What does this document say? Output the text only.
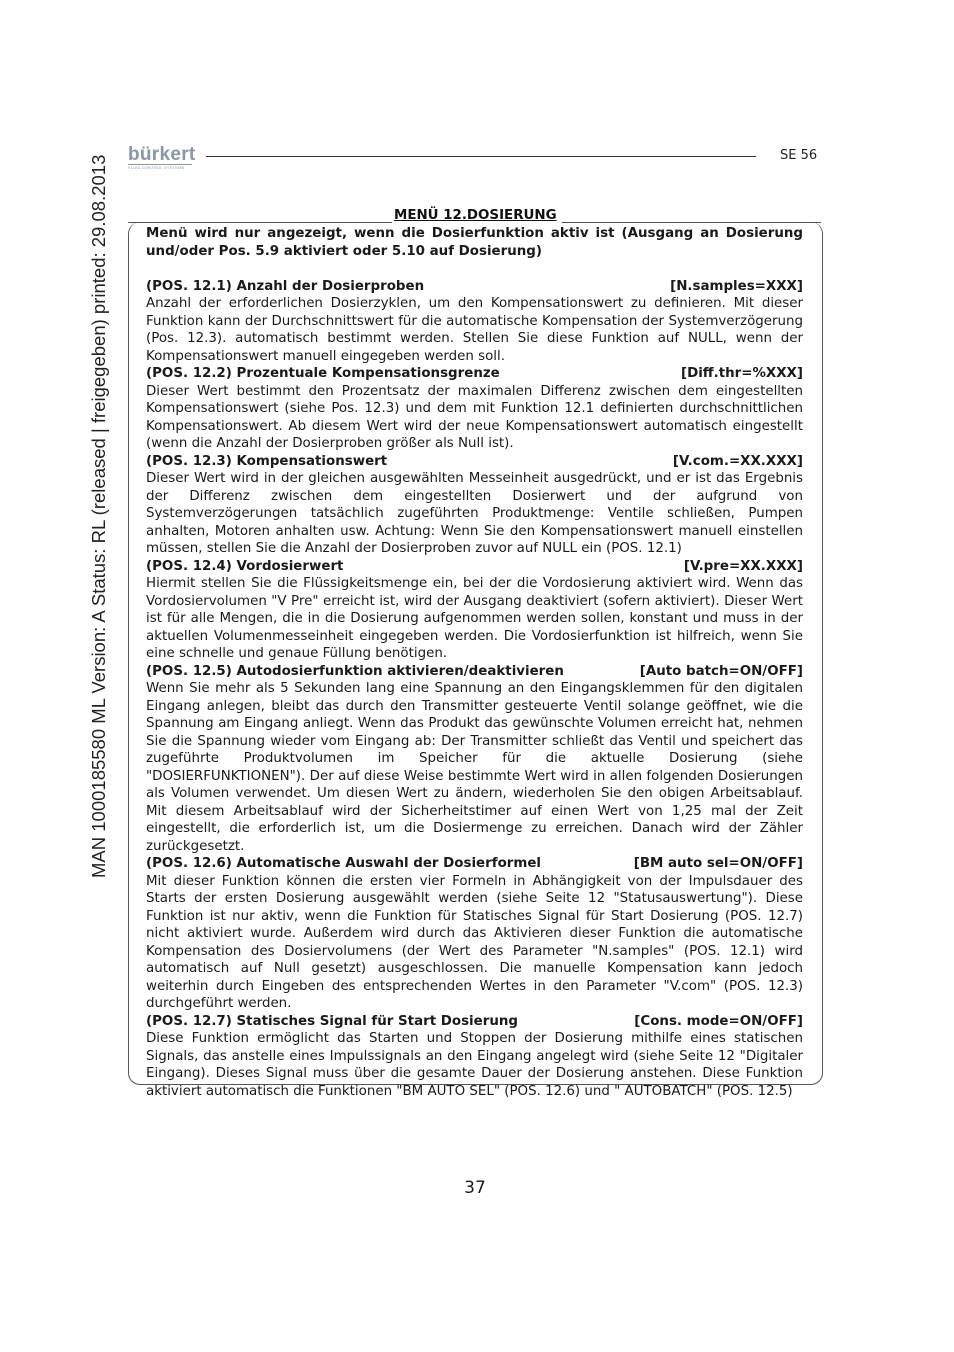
MAN 1000185580 ML Version: A Status: RL (released | freigegeben) printed: 29.08.2013
bürkert
FLUID CONTROL SYSTEMS
SE 56
MENÜ 12.DOSIERUNG

Menü wird nur angezeigt, wenn die Dosierfunktion aktiv ist (Ausgang an Dosierung und/oder Pos. 5.9 aktiviert oder 5.10 auf Dosierung)

(POS. 12.1) Anzahl der Dosierproben	[N.samples=XXX]

Anzahl der erforderlichen Dosierzyklen, um den Kompensationswert zu definieren. Mit dieser Funktion kann der Durchschnittswert für die automatische Kompensation der Systemverzögerung (Pos. 12.3). automatisch bestimmt werden. Stellen Sie diese Funktion auf NULL, wenn der Kompensationswert manuell eingegeben werden soll.

(POS. 12.2) Prozentuale Kompensationsgrenze	[Diff.thr=%XXX]

Dieser Wert bestimmt den Prozentsatz der maximalen Differenz zwischen dem eingestellten Kompensationswert (siehe Pos. 12.3) und dem mit Funktion 12.1 definierten durchschnittlichen Kompensationswert. Ab diesem Wert wird der neue Kompensationswert automatisch eingestellt (wenn die Anzahl der Dosierproben größer als Null ist).

(POS. 12.3) Kompensationswert	[V.com.=XX.XXX]

Dieser Wert wird in der gleichen ausgewählten Messeinheit ausgedrückt, und er ist das Ergebnis der Differenz zwischen dem eingestellten Dosierwert und der aufgrund von Systemverzögerungen tatsächlich zugeführten Produktmenge: Ventile schließen, Pumpen anhalten, Motoren anhalten usw. Achtung: Wenn Sie den Kompensationswert manuell einstellen müssen, stellen Sie die Anzahl der Dosierproben zuvor auf NULL ein (POS. 12.1)

(POS. 12.4) Vordosierwert	[V.pre=XX.XXX]

Hiermit stellen Sie die Flüssigkeitsmenge ein, bei der die Vordosierung aktiviert wird. Wenn das Vordosiervolumen "V Pre" erreicht ist, wird der Ausgang deaktiviert (sofern aktiviert). Dieser Wert ist für alle Mengen, die in die Dosierung aufgenommen werden sollen, konstant und muss in der aktuellen Volumenmesseinheit eingegeben werden. Die Vordosierfunktion ist hilfreich, wenn Sie eine schnelle und genaue Füllung benötigen.

(POS. 12.5) Autodosierfunktion aktivieren/deaktivieren	[Auto batch=ON/OFF]

Wenn Sie mehr als 5 Sekunden lang eine Spannung an den Eingangsklemmen für den digitalen Eingang anlegen, bleibt das durch den Transmitter gesteuerte Ventil solange geöffnet, wie die Spannung am Eingang anliegt. Wenn das Produkt das gewünschte Volumen erreicht hat, nehmen Sie die Spannung wieder vom Eingang ab: Der Transmitter schließt das Ventil und speichert das zugeführte Produktvolumen im Speicher für die aktuelle Dosierung (siehe "DOSIERFUNKTIONEN"). Der auf diese Weise bestimmte Wert wird in allen folgenden Dosierungen als Volumen verwendet. Um diesen Wert zu ändern, wiederholen Sie den obigen Arbeitsablauf. Mit diesem Arbeitsablauf wird der Sicherheitstimer auf einen Wert von 1,25 mal der Zeit eingestellt, die erforderlich ist, um die Dosiermenge zu erreichen. Danach wird der Zähler zurückgesetzt.

(POS. 12.6) Automatische Auswahl der Dosierformel	[BM auto sel=ON/OFF]

Mit dieser Funktion können die ersten vier Formeln in Abhängigkeit von der Impulsdauer des Starts der ersten Dosierung ausgewählt werden (siehe Seite 12 "Statusauswertung"). Diese Funktion ist nur aktiv, wenn die Funktion für Statisches Signal für Start Dosierung (POS. 12.7) nicht aktiviert wurde. Außerdem wird durch das Aktivieren dieser Funktion die automatische Kompensation des Dosiervolumens (der Wert des Parameter "N.samples" (POS. 12.1) wird automatisch auf Null gesetzt) ausgeschlossen. Die manuelle Kompensation kann jedoch weiterhin durch Eingeben des entsprechenden Wertes in den Parameter "V.com" (POS. 12.3) durchgeführt werden.

(POS. 12.7) Statisches Signal für Start Dosierung	[Cons. mode=ON/OFF]

Diese Funktion ermöglicht das Starten und Stoppen der Dosierung mithilfe eines statischen Signals, das anstelle eines Impulssignals an den Eingang angelegt wird (siehe Seite 12 "Digitaler Eingang). Dieses Signal muss über die gesamte Dauer der Dosierung anstehen. Diese Funktion aktiviert automatisch die Funktionen "BM AUTO SEL" (POS. 12.6) und " AUTOBATCH" (POS. 12.5)

37
